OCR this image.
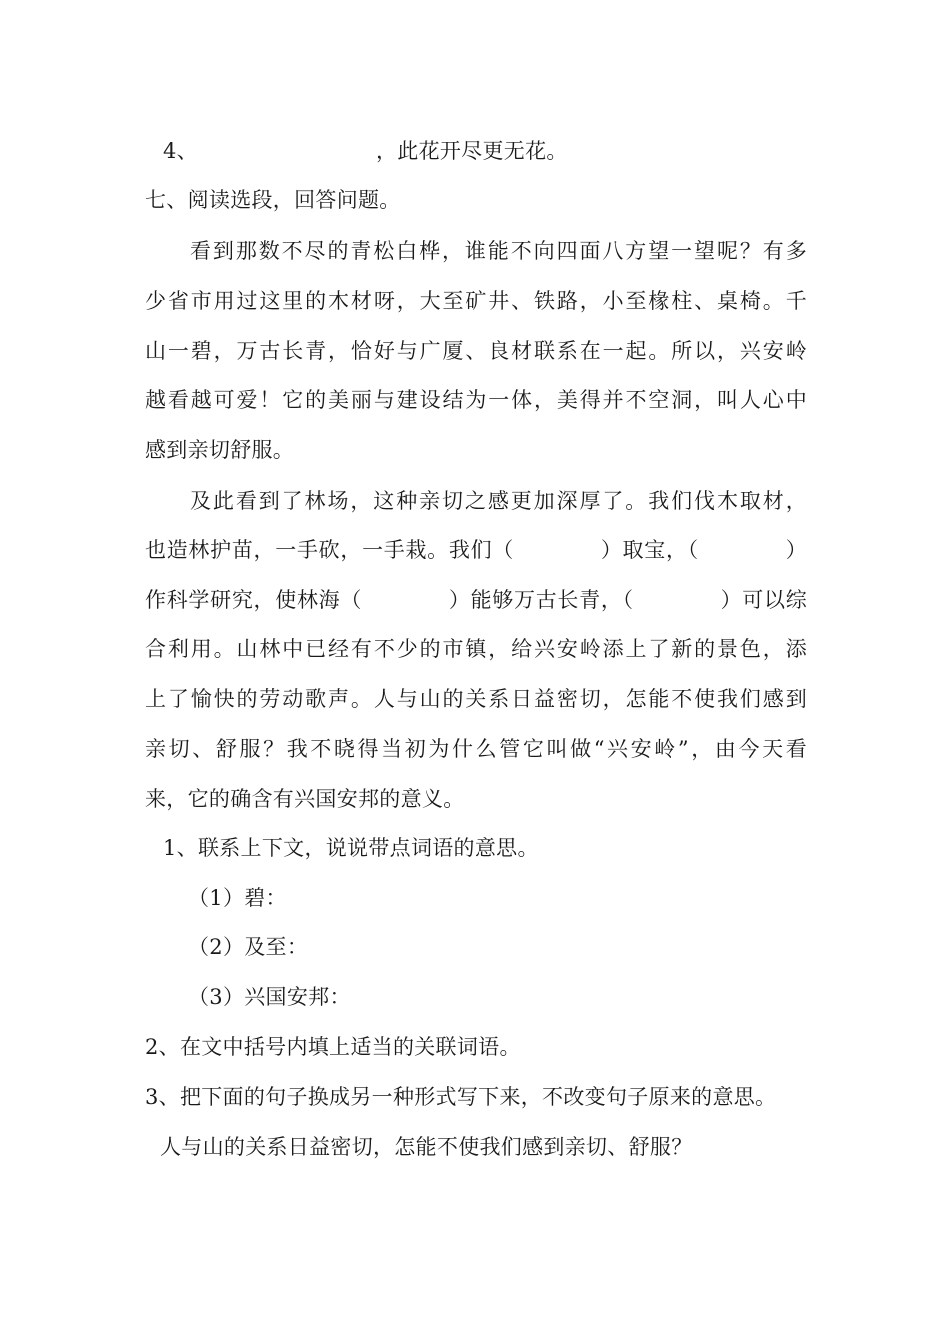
4、	，此花开尽更无花。
七、阅读选段，回答问题。
看到那数不尽的青松白桦，谁能不向四面八方望一望呢？有多
少省市用过这里的木材呀，大至矿井、铁路，小至椽柱、桌椅。千
山一碧，万古长青，恰好与广厦、良材联系在一起。所以，兴安岭
越看越可爱！它的美丽与建设结为一体，美得并不空洞，叫人心中
感到亲切舒服。
及此看到了林场，这种亲切之感更加深厚了。我们伐木取材，
也造林护苗，一手砍，一手栽。我们（　　　　）取宝，（　　　　）
作科学研究，使林海（　　　　）能够万古长青，（　　　　）可以综
合利用。山林中已经有不少的市镇，给兴安岭添上了新的景色，添
上了愉快的劳动歌声。人与山的关系日益密切，怎能不使我们感到
亲切、舒服？我不晓得当初为什么管它叫做“兴安岭”，由今天看
来，它的确含有兴国安邦的意义。
1、联系上下文，说说带点词语的意思。
（1）碧：
（2）及至：
（3）兴国安邦：
2、在文中括号内填上适当的关联词语。
3、把下面的句子换成另一种形式写下来，不改变句子原来的意思。
人与山的关系日益密切，怎能不使我们感到亲切、舒服？
